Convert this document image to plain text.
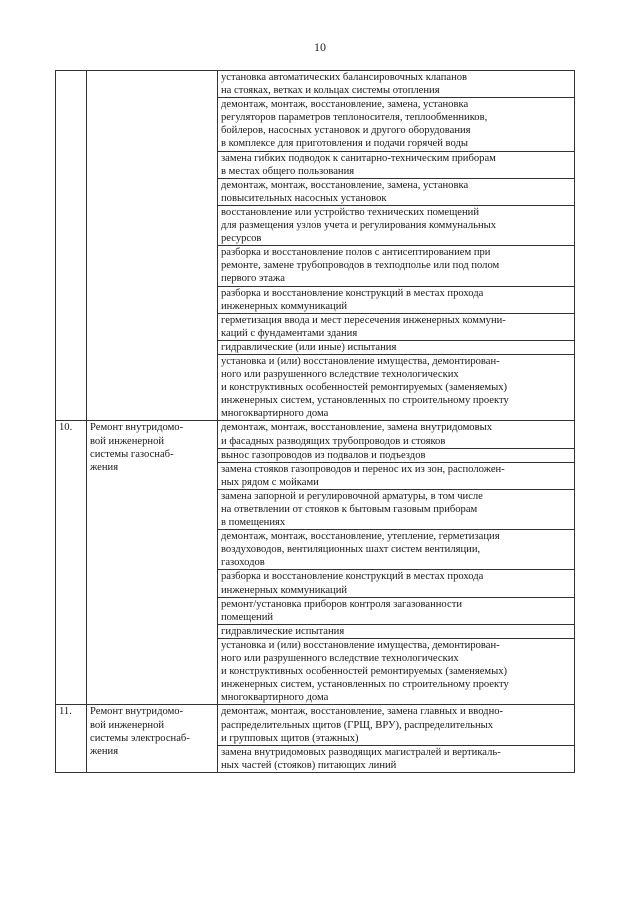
10

		установка автоматических балансировочных клапанов
на стояках, ветках и кольцах системы отопления

		демонтаж, монтаж, восстановление, замена, установка
регуляторов параметров теплоносителя, теплообменников,
бойлеров, насосных установок и другого оборудования
в комплексе для приготовления и подачи горячей воды

		замена гибких подводок к санитарно-техническим приборам
в местах общего пользования

		демонтаж, монтаж, восстановление, замена, установка
повысительных насосных установок

		восстановление или устройство технических помещений
для размещения узлов учета и регулирования коммунальных
ресурсов

		разборка и восстановление полов с антисептированием при
ремонте, замене трубопроводов в техподполье или под полом
первого этажа

		разборка и восстановление конструкций в местах прохода
инженерных коммуникаций

		герметизация ввода и мест пересечения инженерных коммуни-
каций с фундаментами здания

		гидравлические (или иные) испытания

		установка и (или) восстановление имущества, демонтирован-
ного или разрушенного вследствие технологических
и конструктивных особенностей ремонтируемых (заменяемых)
инженерных систем, установленных по строительному проекту
многоквартирного дома

10.	Ремонт внутридомо-
вой инженерной
системы газоснаб-
жения	демонтаж, монтаж, восстановление, замена внутридомовых
и фасадных разводящих трубопроводов и стояков

		вынос газопроводов из подвалов и подъездов

		замена стояков газопроводов и перенос их из зон, расположен-
ных рядом с мойками

		замена запорной и регулировочной арматуры, в том числе
на ответвлении от стояков к бытовым газовым приборам
в помещениях

		демонтаж, монтаж, восстановление, утепление, герметизация
воздуховодов, вентиляционных шахт систем вентиляции,
газоходов

		разборка и восстановление конструкций в местах прохода
инженерных коммуникаций

		ремонт/установка приборов контроля загазованности
помещений

		гидравлические испытания

		установка и (или) восстановление имущества, демонтирован-
ного или разрушенного вследствие технологических
и конструктивных особенностей ремонтируемых (заменяемых)
инженерных систем, установленных по строительному проекту
многоквартирного дома

11.	Ремонт внутридомо-
вой инженерной
системы электроснаб-
жения	демонтаж, монтаж, восстановление, замена главных и вводно-
распределительных щитов (ГРЩ, ВРУ), распределительных
и групповых щитов (этажных)

		замена внутридомовых разводящих магистралей и вертикаль-
ных частей (стояков) питающих линий
